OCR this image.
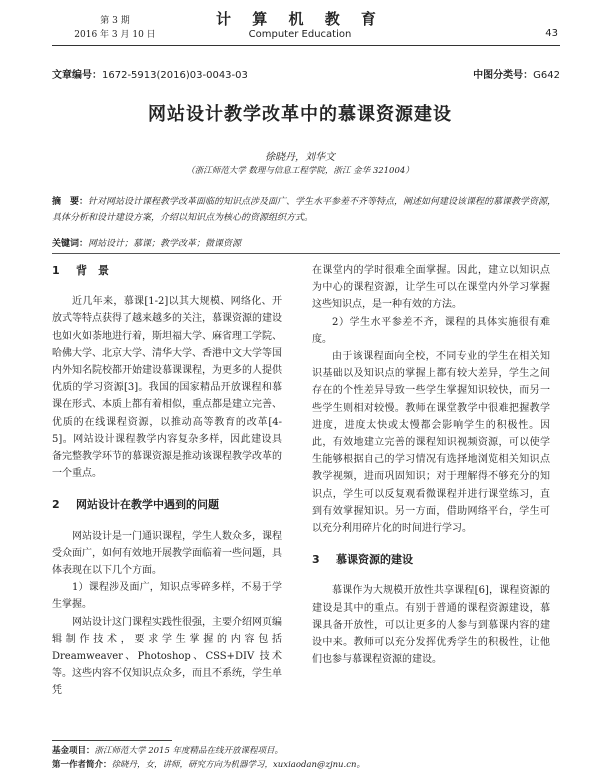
第 3 期
2016 年 3 月 10 日
计 算 机 教 育
Computer Education	43
文章编号：1672-5913(2016)03-0043-03	中图分类号：G642
网站设计教学改革中的慕课资源建设
徐晓丹，刘华文
（浙江师范大学 数理与信息工程学院，浙江 金华 321004）
摘　要：针对网站设计课程教学改革面临的知识点涉及面广、学生水平参差不齐等特点，阐述如何建设该课程的慕课教学资源，具体分析和设计建设方案，介绍以知识点为核心的资源组织方式。
关键词：网站设计；慕课；教学改革；微课资源
1 背　景

近几年来，慕课[1-2]以其大规模、网络化、开放式等特点获得了越来越多的关注，慕课资源的建设也如火如荼地进行着，斯坦福大学、麻省理工学院、哈佛大学、北京大学、清华大学、香港中文大学等国内外知名院校都开始建设慕课课程，为更多的人提供优质的学习资源[3]。我国的国家精品开放课程和慕课在形式、本质上都有着相似，重点都是建立完善、优质的在线课程资源，以推动高等教育的改革[4-5]。网站设计课程教学内容复杂多样，因此建设具备完整教学环节的慕课资源是推动该课程教学改革的一个重点。

2 网站设计在教学中遇到的问题

网站设计是一门通识课程，学生人数众多，课程受众面广，如何有效地开展教学面临着一些问题，具体表现在以下几个方面。

1）课程涉及面广，知识点零碎多样，不易于学生掌握。

网站设计这门课程实践性很强，主要介绍网页编辑制作技术，要求学生掌握的内容包括Dreamweaver、Photoshop、CSS+DIV 技术等。这些内容不仅知识点众多，而且不系统，学生单凭

在课堂内的学时很难全面掌握。因此，建立以知识点为中心的课程资源，让学生可以在课堂内外学习掌握这些知识点，是一种有效的方法。

2）学生水平参差不齐，课程的具体实施很有难度。

由于该课程面向全校，不同专业的学生在相关知识基础以及知识点的掌握上都有较大差异，学生之间存在的个性差异导致一些学生掌握知识较快，而另一些学生则相对较慢。教师在课堂教学中很难把握教学进度，进度太快或太慢都会影响学生的积极性。因此，有效地建立完善的课程知识视频资源，可以使学生能够根据自己的学习情况有选择地浏览相关知识点教学视频，进而巩固知识；对于理解得不够充分的知识点，学生可以反复观看微课程并进行课堂练习，直到有效掌握知识。另一方面，借助网络平台，学生可以充分利用碎片化的时间进行学习。

3 慕课资源的建设

慕课作为大规模开放性共享课程[6]，课程资源的建设是其中的重点。有别于普通的课程资源建设，慕课具备开放性，可以让更多的人参与到慕课内容的建设中来。教师可以充分发挥优秀学生的积极性，让他们也参与慕课程资源的建设。

基金项目：浙江师范大学 2015 年度精品在线开放课程项目。
第一作者简介：徐晓丹，女，讲师，研究方向为机器学习，xuxiaodan@zjnu.cn。
